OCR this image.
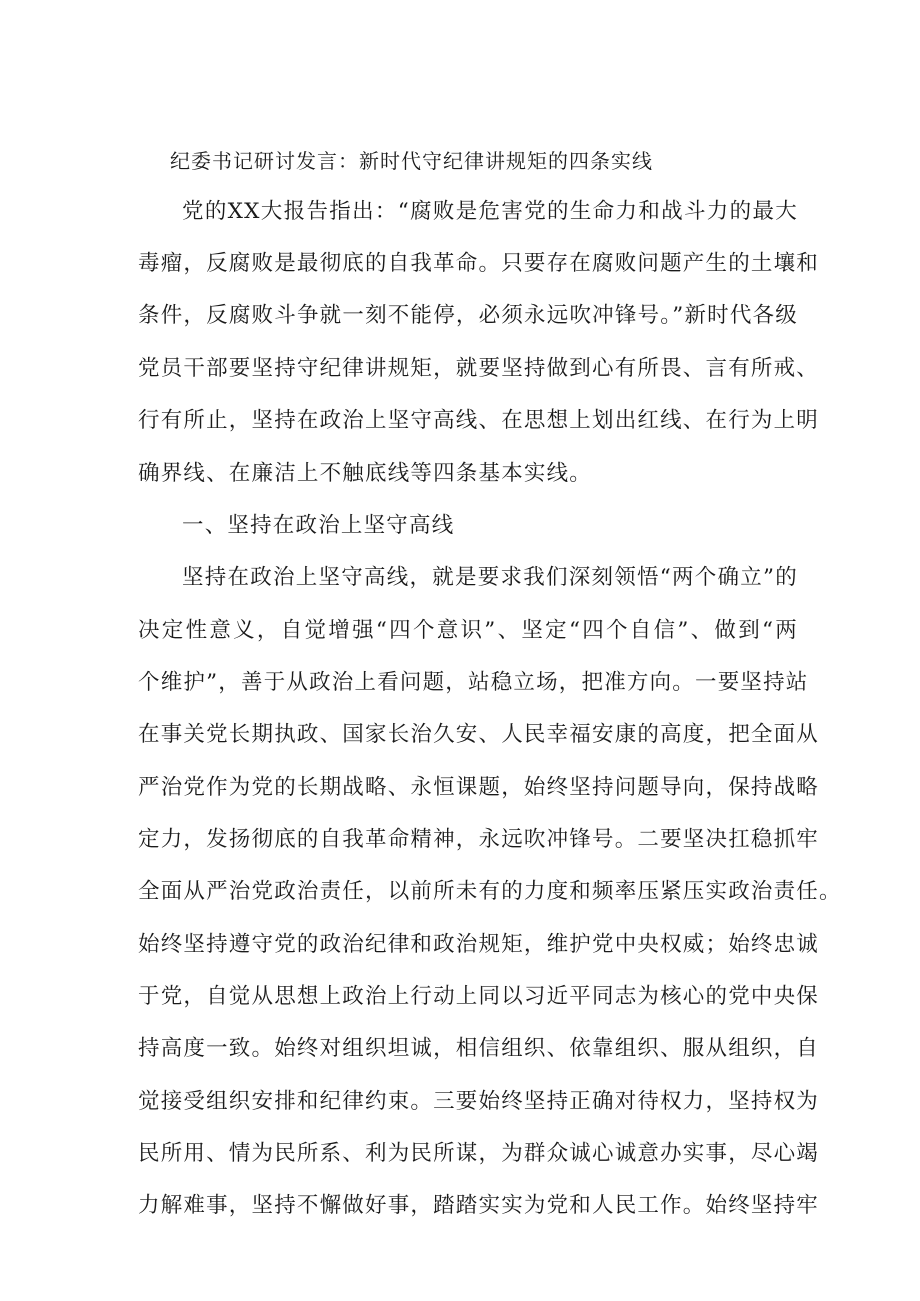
纪委书记研讨发言：新时代守纪律讲规矩的四条实线
党的XX大报告指出：“腐败是危害党的生命力和战斗力的最大
毒瘤，反腐败是最彻底的自我革命。只要存在腐败问题产生的土壤和
条件，反腐败斗争就一刻不能停，必须永远吹冲锋号。”新时代各级
党员干部要坚持守纪律讲规矩，就要坚持做到心有所畏、言有所戒、
行有所止，坚持在政治上坚守高线、在思想上划出红线、在行为上明
确界线、在廉洁上不触底线等四条基本实线。
一、坚持在政治上坚守高线
坚持在政治上坚守高线，就是要求我们深刻领悟“两个确立”的
决定性意义，自觉增强“四个意识”、坚定“四个自信”、做到“两
个维护”，善于从政治上看问题，站稳立场，把准方向。一要坚持站
在事关党长期执政、国家长治久安、人民幸福安康的高度，把全面从
严治党作为党的长期战略、永恒课题，始终坚持问题导向，保持战略
定力，发扬彻底的自我革命精神，永远吹冲锋号。二要坚决扛稳抓牢
全面从严治党政治责任，以前所未有的力度和频率压紧压实政治责任。
始终坚持遵守党的政治纪律和政治规矩，维护党中央权威；始终忠诚
于党，自觉从思想上政治上行动上同以习近平同志为核心的党中央保
持高度一致。始终对组织坦诚，相信组织、依靠组织、服从组织，自
觉接受组织安排和纪律约束。三要始终坚持正确对待权力，坚持权为
民所用、情为民所系、利为民所谋，为群众诚心诚意办实事，尽心竭
力解难事，坚持不懈做好事，踏踏实实为党和人民工作。始终坚持牢
